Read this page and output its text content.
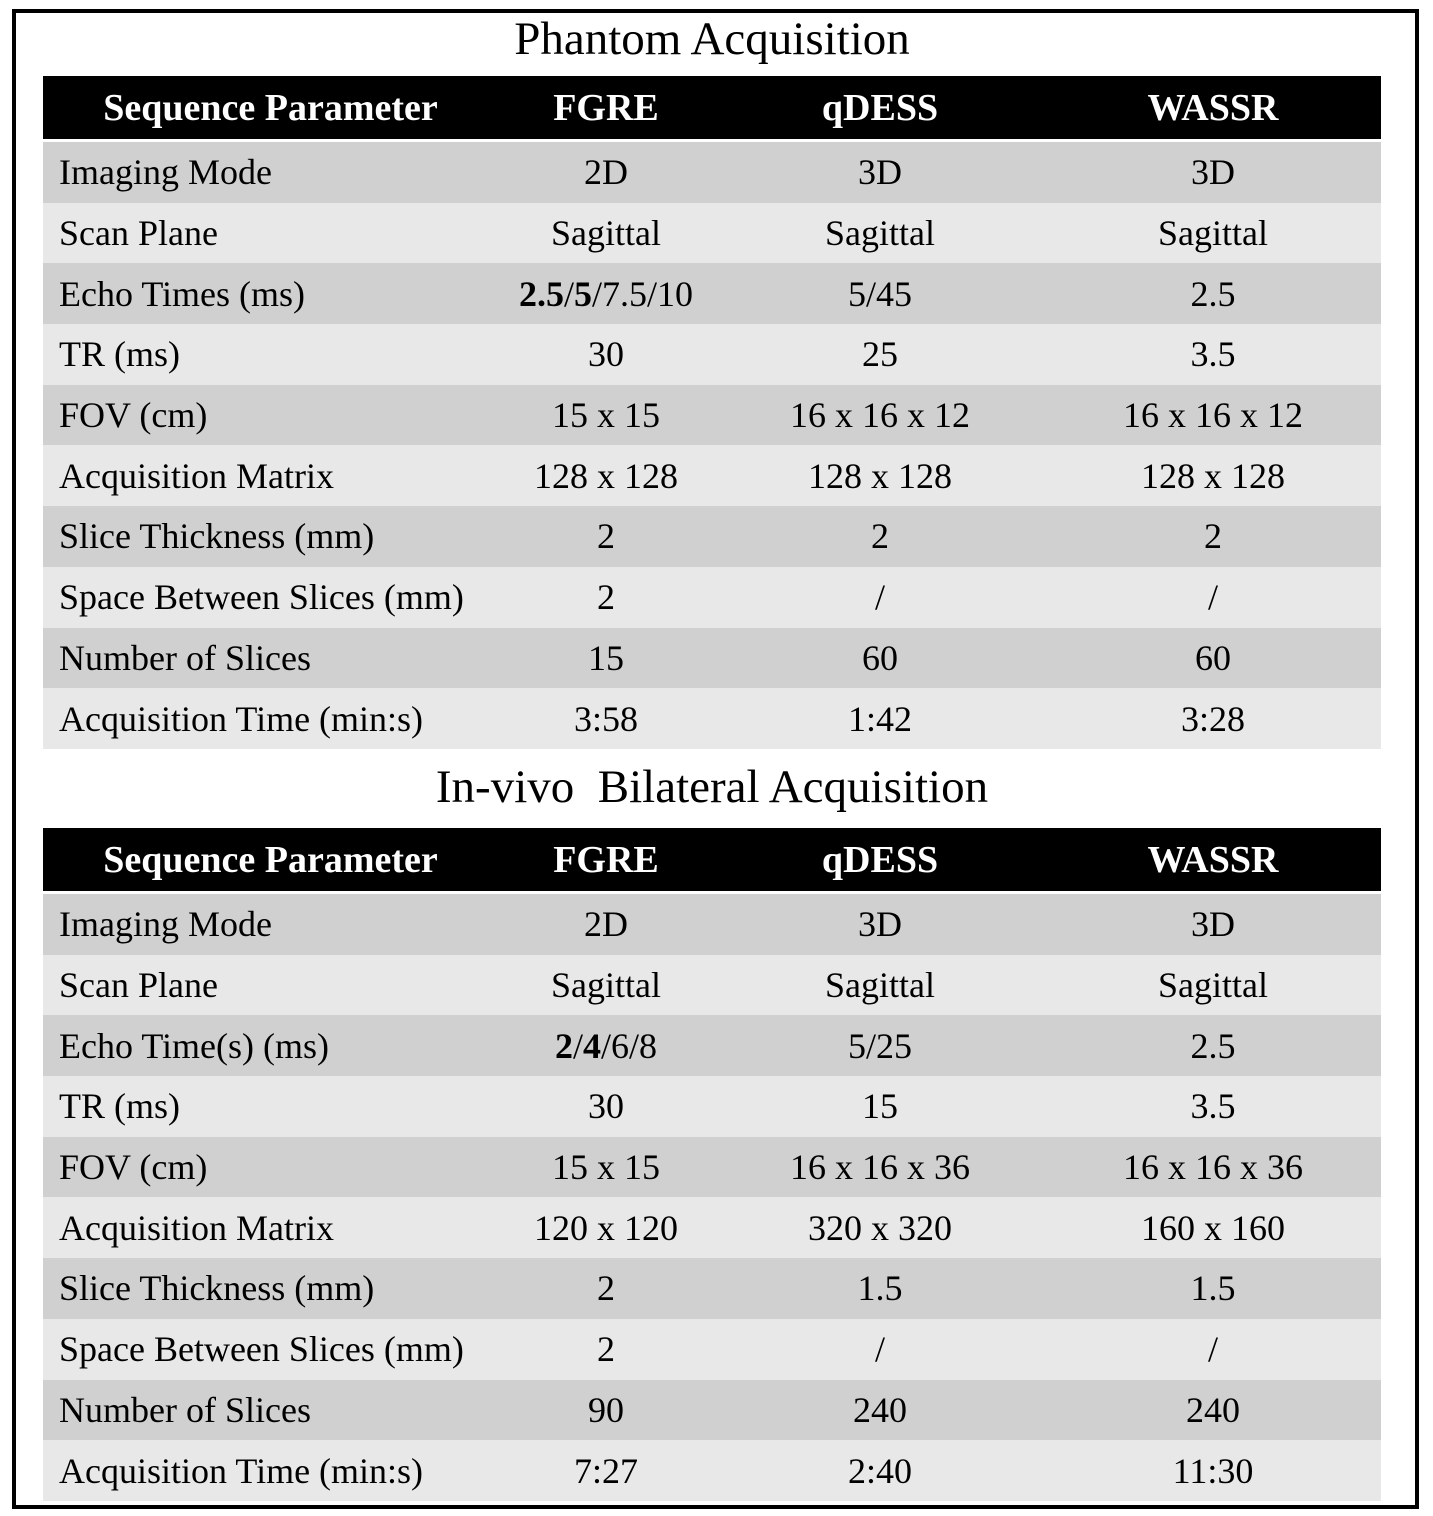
Phantom Acquisition
Sequence Parameter	FGRE	qDESS	WASSR
Imaging Mode	2D	3D	3D
Scan Plane	Sagittal	Sagittal	Sagittal
Echo Times (ms)	2.5 / 5 /7.5/10	5/45	2.5
TR (ms)	30	25	3.5
FOV (cm)	15 x 15	16 x 16 x 12	16 x 16 x 12
Acquisition Matrix	128 x 128	128 x 128	128 x 128
Slice Thickness (mm)	2	2	2
Space Between Slices (mm)	2	/	/
Number of Slices	15	60	60
Acquisition Time (min:s)	3:58	1:42	3:28
In-vivo  Bilateral Acquisition
Sequence Parameter	FGRE	qDESS	WASSR
Imaging Mode	2D	3D	3D
Scan Plane	Sagittal	Sagittal	Sagittal
Echo Time(s) (ms)	2 / 4 /6/8	5/25	2.5
TR (ms)	30	15	3.5
FOV (cm)	15 x 15	16 x 16 x 36	16 x 16 x 36
Acquisition Matrix	120 x 120	320 x 320	160 x 160
Slice Thickness (mm)	2	1.5	1.5
Space Between Slices (mm)	2	/	/
Number of Slices	90	240	240
Acquisition Time (min:s)	7:27	2:40	11:30
